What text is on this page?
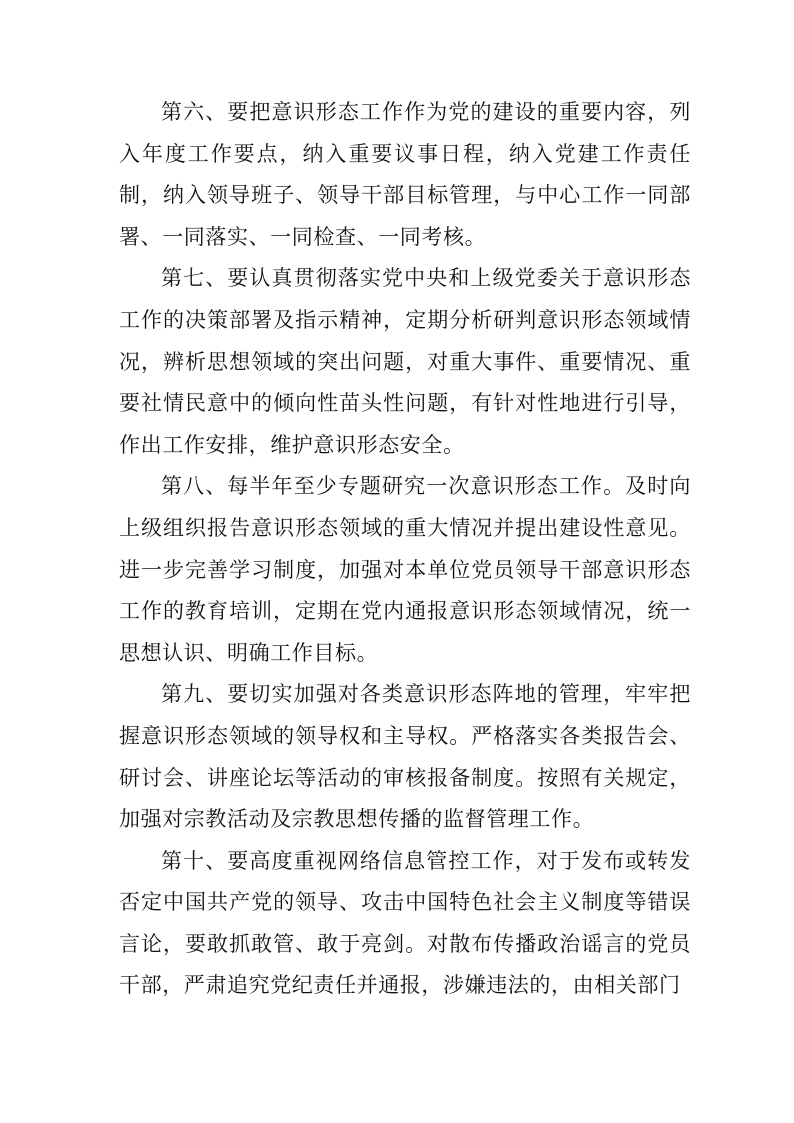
第六、要把意识形态工作作为党的建设的重要内容，列入年度工作要点，纳入重要议事日程，纳入党建工作责任制，纳入领导班子、领导干部目标管理，与中心工作一同部署、一同落实、一同检查、一同考核。

第七、要认真贯彻落实党中央和上级党委关于意识形态工作的决策部署及指示精神，定期分析研判意识形态领域情况，辨析思想领域的突出问题，对重大事件、重要情况、重要社情民意中的倾向性苗头性问题，有针对性地进行引导，作出工作安排，维护意识形态安全。

第八、每半年至少专题研究一次意识形态工作。及时向上级组织报告意识形态领域的重大情况并提出建设性意见。进一步完善学习制度，加强对本单位党员领导干部意识形态工作的教育培训，定期在党内通报意识形态领域情况，统一思想认识、明确工作目标。

第九、要切实加强对各类意识形态阵地的管理，牢牢把握意识形态领域的领导权和主导权。严格落实各类报告会、研讨会、讲座论坛等活动的审核报备制度。按照有关规定，加强对宗教活动及宗教思想传播的监督管理工作。

第十、要高度重视网络信息管控工作，对于发布或转发否定中国共产党的领导、攻击中国特色社会主义制度等错误言论，要敢抓敢管、敢于亮剑。对散布传播政治谣言的党员干部，严肃追究党纪责任并通报，涉嫌违法的，由相关部门
